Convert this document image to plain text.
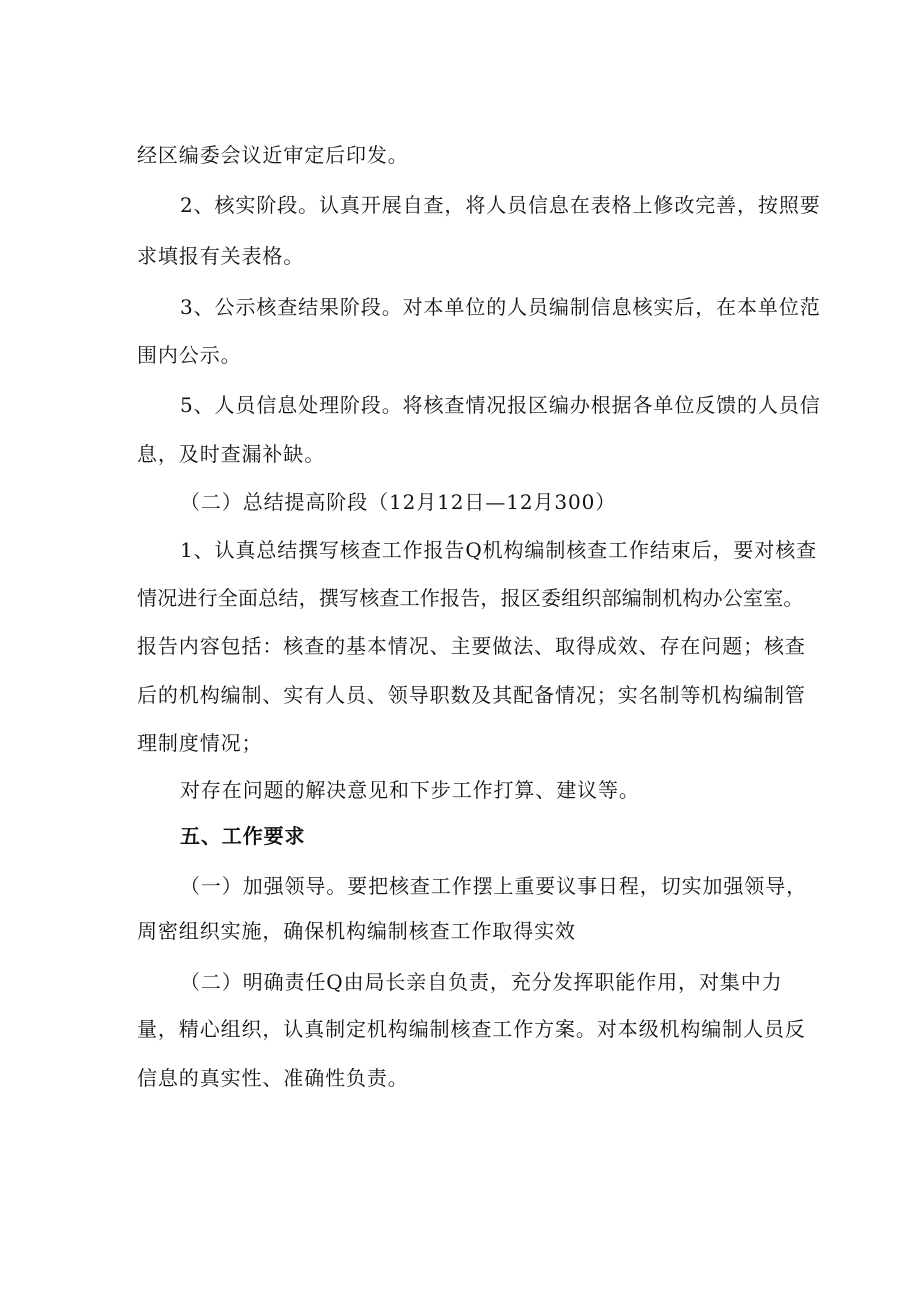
经区编委会议近审定后印发。
2、核实阶段。认真开展自查，将人员信息在表格上修改完善，按照要
求填报有关表格。
3、公示核查结果阶段。对本单位的人员编制信息核实后，在本单位范
围内公示。
5、人员信息处理阶段。将核查情况报区编办根据各单位反馈的人员信
息，及时查漏补缺。
（二）总结提高阶段（12月12日—12月300）
1、认真总结撰写核查工作报告Q机构编制核查工作结束后，要对核查
情况进行全面总结，撰写核查工作报告，报区委组织部编制机构办公室室。
报告内容包括：核查的基本情况、主要做法、取得成效、存在问题；核查
后的机构编制、实有人员、领导职数及其配备情况；实名制等机构编制管
理制度情况；
对存在问题的解决意见和下步工作打算、建议等。
五、工作要求
（一）加强领导。要把核查工作摆上重要议事日程，切实加强领导，
周密组织实施，确保机构编制核查工作取得实效
（二）明确责任Q由局长亲自负责，充分发挥职能作用，对集中力
量，精心组织，认真制定机构编制核查工作方案。对本级机构编制人员反
信息的真实性、准确性负责。
